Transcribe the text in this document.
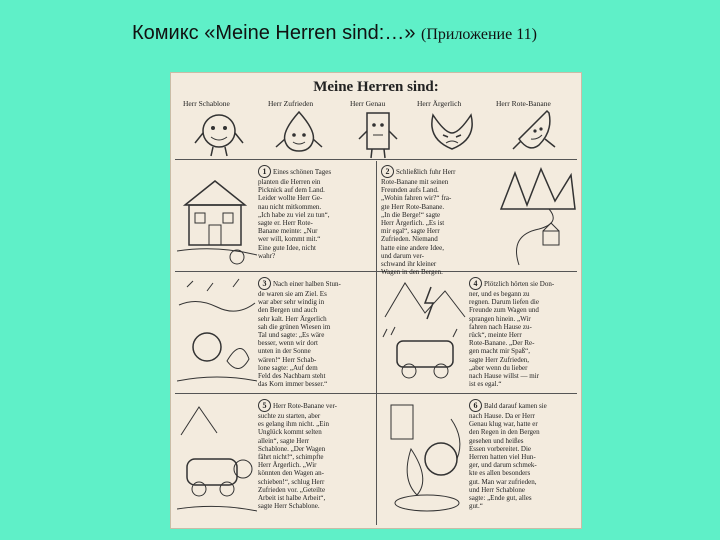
Комикс «Meine Herren sind:…» (Приложение 11)
Meine Herren sind:
Herr Schablone	Herr Zufrieden	Herr Genau	Herr Ärgerlich	Herr Rote-Banane
1 Eines schönen Tages
planten die Herren ein
Picknick auf dem Land.
Leider wollte Herr Ge-
nau nicht mitkommen.
„Ich habe zu viel zu tun“,
sagte er. Herr Rote-
Banane meinte: „Nur
wer will, kommt mit.“
Eine gute Idee, nicht
wahr?
2 Schließlich fuhr Herr
Rote-Banane mit seinen
Freunden aufs Land.
„Wohin fahren wir?“ fra-
gte Herr Rote-Banane.
„In die Berge!“ sagte
Herr Ärgerlich. „Es ist
mir egal“, sagte Herr
Zufrieden. Niemand
hatte eine andere Idee,
und darum ver-
schwand ihr kleiner
Wagen in den Bergen.
3 Nach einer halben Stun-
de waren sie am Ziel. Es
war aber sehr windig in
den Bergen und auch
sehr kalt. Herr Ärgerlich
sah die grünen Wiesen im
Tal und sagte: „Es wäre
besser, wenn wir dort
unten in der Sonne
wären!“ Herr Schab-
lone sagte: „Auf dem
Feld des Nachbarn steht
das Korn immer besser.“
4 Plötzlich hörten sie Don-
ner, und es begann zu
regnen. Darum liefen die
Freunde zum Wagen und
sprangen hinein. „Wir
fahren nach Hause zu-
rück“, meinte Herr
Rote-Banane. „Der Re-
gen macht mir Spaß“,
sagte Herr Zufrieden,
„aber wenn du lieber
nach Hause willst — mir
ist es egal.“
5 Herr Rote-Banane ver-
suchte zu starten, aber
es gelang ihm nicht. „Ein
Unglück kommt selten
allein“, sagte Herr
Schablone. „Der Wagen
fährt nicht!“, schimpfte
Herr Ärgerlich. „Wir
könnten den Wagen an-
schieben!“, schlug Herr
Zufrieden vor. „Geteilte
Arbeit ist halbe Arbeit“,
sagte Herr Schablone.
6 Bald darauf kamen sie
nach Hause. Da er Herr
Genau klug war, hatte er
den Regen in den Bergen
gesehen und heißes
Essen vorbereitet. Die
Herren hatten viel Hun-
ger, und darum schmek-
kte es allen besonders
gut. Man war zufrieden,
und Herr Schablone
sagte: „Ende gut, alles
gut.“
